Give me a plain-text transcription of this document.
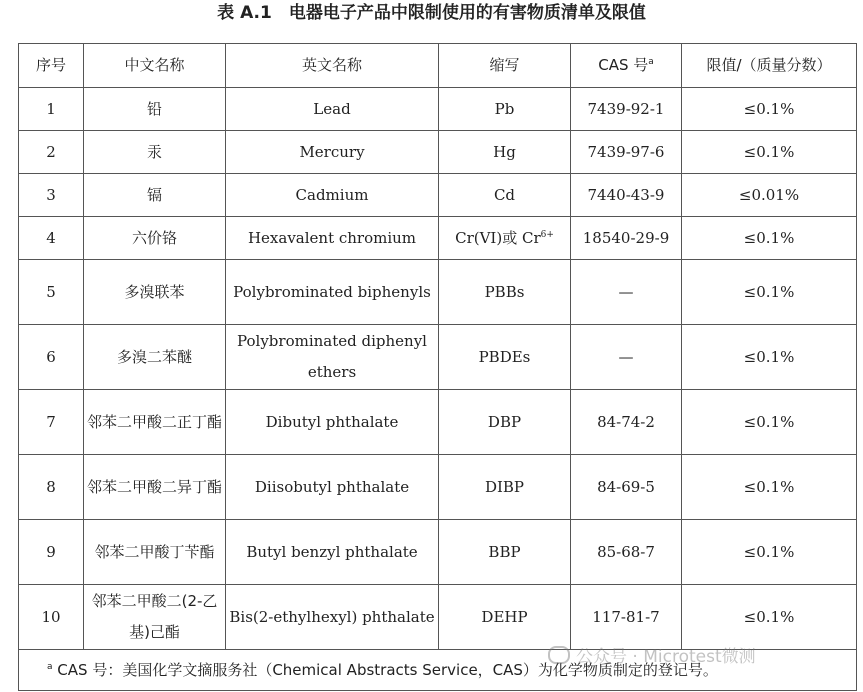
表 A.1　电器电子产品中限制使用的有害物质清单及限值
序号	中文名称	英文名称	缩写	CAS 号$^a$	限值/（质量分数）
1	铅	Lead	Pb	7439-92-1	≤0.1%
2	汞	Mercury	Hg	7439-97-6	≤0.1%
3	镉	Cadmium	Cd	7440-43-9	≤0.01%
4	六价铬	Hexavalent chromium	Cr(VI)或 $Cr^{6+}$	18540-29-9	≤0.1%
5	多溴联苯	Polybrominated biphenyls	PBBs	—	≤0.1%
6	多溴二苯醚	Polybrominated diphenyl ethers	PBDEs	—	≤0.1%
7	邻苯二甲酸二正丁酯	Dibutyl phthalate	DBP	84-74-2	≤0.1%
8	邻苯二甲酸二异丁酯	Diisobutyl phthalate	DIBP	84-69-5	≤0.1%
9	邻苯二甲酸丁苄酯	Butyl benzyl phthalate	BBP	85-68-7	≤0.1%
10	邻苯二甲酸二(2-乙基)己酯	Bis(2-ethylhexyl) phthalate	DEHP	117-81-7	≤0.1%
$^a$ CAS 号：美国化学文摘服务社（Chemical Abstracts Service，CAS）为化学物质制定的登记号。					
公众号 · Microtest微测
